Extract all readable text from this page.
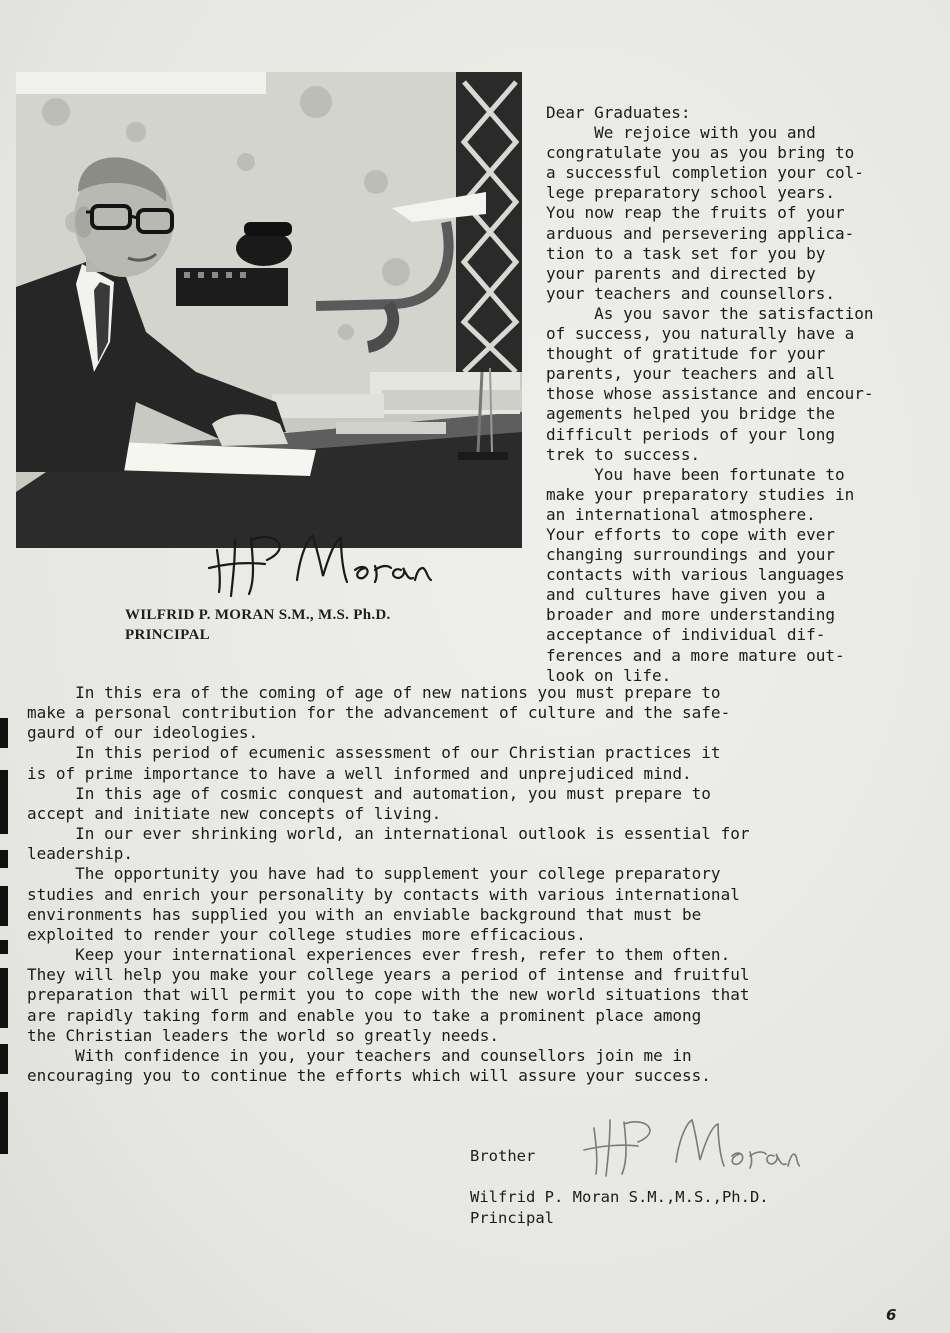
WILFRID P. MORAN S.M., M.S. Ph.D.
PRINCIPAL

Dear Graduates:
We rejoice with you and
congratulate you as you bring to
a successful completion your col-
lege preparatory school years.
You now reap the fruits of your
arduous and persevering applica-
tion to a task set for you by
your parents and directed by
your teachers and counsellors.
As you savor the satisfaction
of success, you naturally have a
thought of gratitude for your
parents, your teachers and all
those whose assistance and encour-
agements helped you bridge the
difficult periods of your long
trek to success.
You have been fortunate to
make your preparatory studies in
an international atmosphere.
Your efforts to cope with ever
changing surroundings and your
contacts with various languages
and cultures have given you a
broader and more understanding
acceptance of individual dif-
ferences and a more mature out-
look on life.

In this era of the coming of age of new nations you must prepare to
make a personal contribution for the advancement of culture and the safe-
gaurd of our ideologies.
In this period of ecumenic assessment of our Christian practices it
is of prime importance to have a well informed and unprejudiced mind.
In this age of cosmic conquest and automation, you must prepare to
accept and initiate new concepts of living.
In our ever shrinking world, an international outlook is essential for
leadership.
The opportunity you have had to supplement your college preparatory
studies and enrich your personality by contacts with various international
environments has supplied you with an enviable background that must be
exploited to render your college studies more efficacious.
Keep your international experiences ever fresh, refer to them often.
They will help you make your college years a period of intense and fruitful
preparation that will permit you to cope with the new world situations that
are rapidly taking form and enable you to take a prominent place among
the Christian leaders the world so greatly needs.
With confidence in you, your teachers and counsellors join me in
encouraging you to continue the efforts which will assure your success.

Brother

Wilfrid P. Moran S.M.,M.S.,Ph.D.
Principal

6
